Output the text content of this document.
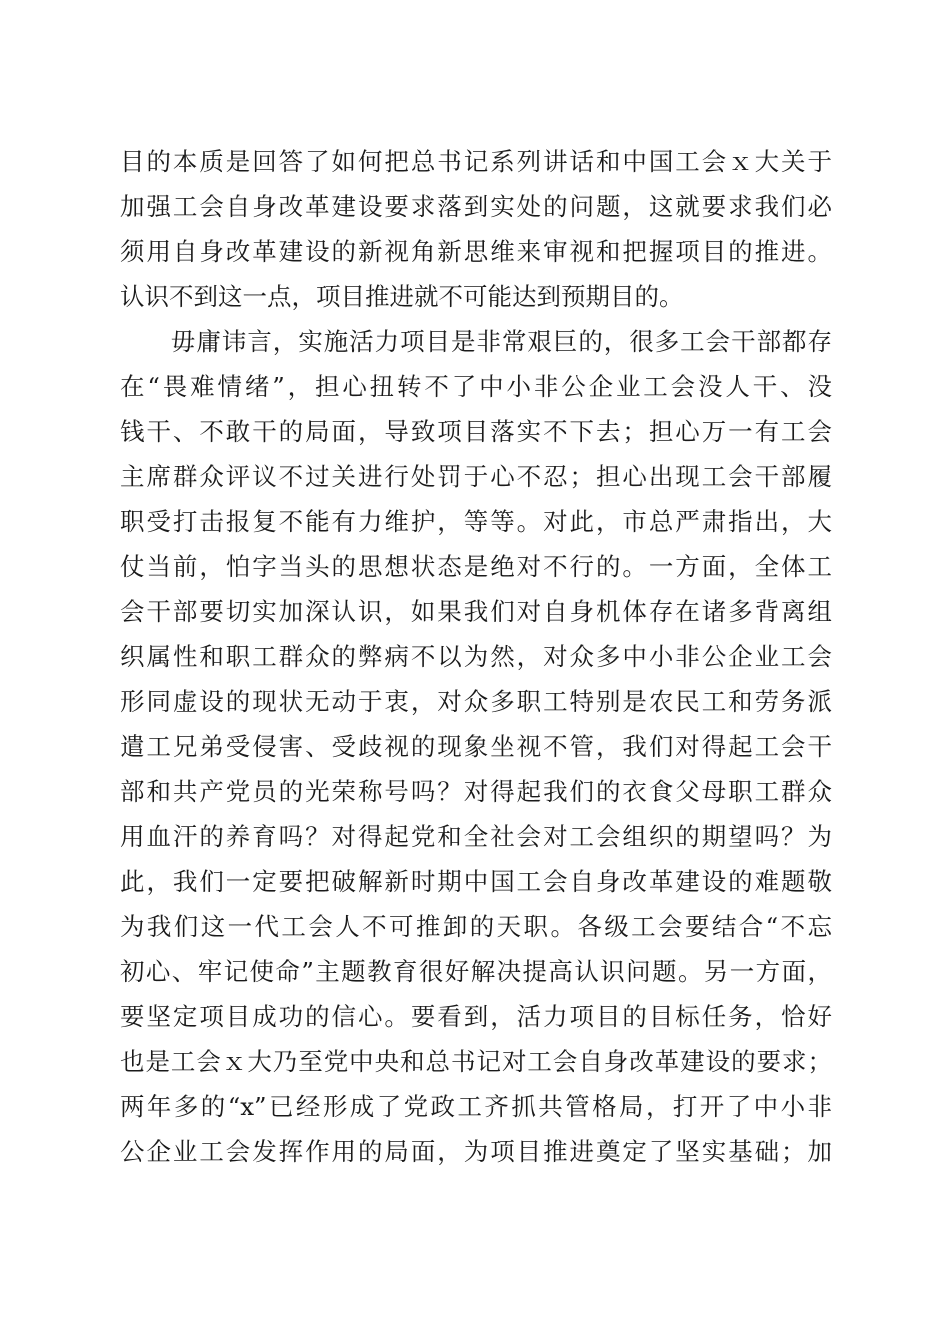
目的本质是回答了如何把总书记系列讲话和中国工会ｘ大关于
加强工会自身改革建设要求落到实处的问题，这就要求我们必
须用自身改革建设的新视角新思维来审视和把握项目的推进。
认识不到这一点，项目推进就不可能达到预期目的。
　　毋庸讳言，实施活力项目是非常艰巨的，很多工会干部都存
在“畏难情绪”，担心扭转不了中小非公企业工会没人干、没
钱干、不敢干的局面，导致项目落实不下去；担心万一有工会
主席群众评议不过关进行处罚于心不忍；担心出现工会干部履
职受打击报复不能有力维护，等等。对此，市总严肃指出，大
仗当前，怕字当头的思想状态是绝对不行的。一方面，全体工
会干部要切实加深认识，如果我们对自身机体存在诸多背离组
织属性和职工群众的弊病不以为然，对众多中小非公企业工会
形同虚设的现状无动于衷，对众多职工特别是农民工和劳务派
遣工兄弟受侵害、受歧视的现象坐视不管，我们对得起工会干
部和共产党员的光荣称号吗？对得起我们的衣食父母职工群众
用血汗的养育吗？对得起党和全社会对工会组织的期望吗？为
此，我们一定要把破解新时期中国工会自身改革建设的难题敬
为我们这一代工会人不可推卸的天职。各级工会要结合“不忘
初心、牢记使命”主题教育很好解决提高认识问题。另一方面，
要坚定项目成功的信心。要看到，活力项目的目标任务，恰好
也是工会ｘ大乃至党中央和总书记对工会自身改革建设的要求；
两年多的“x”已经形成了党政工齐抓共管格局，打开了中小非
公企业工会发挥作用的局面，为项目推进奠定了坚实基础；加
